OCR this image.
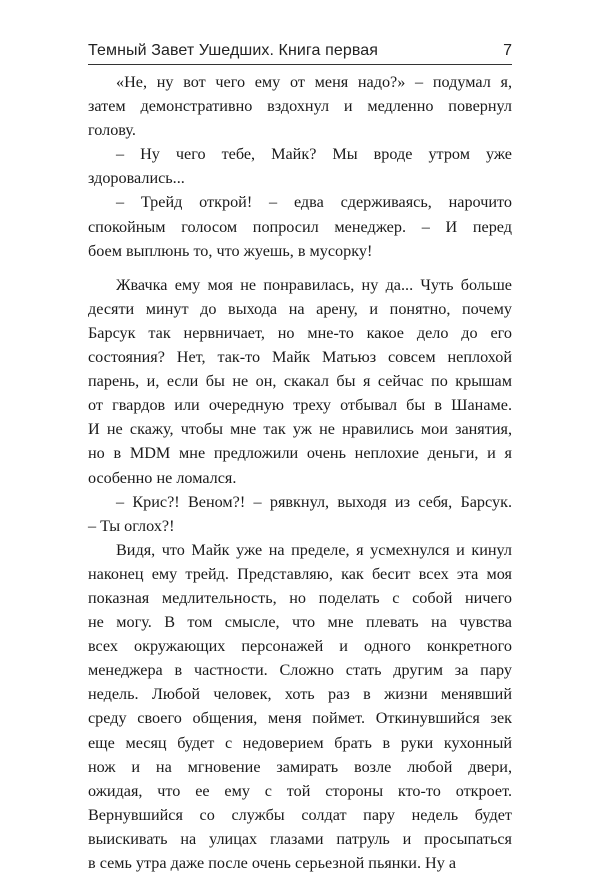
Темный Завет Ушедших. Книга первая	7

«Не, ну вот чего ему от меня надо?» – подумал я,

затем демонстративно вздохнул и медленно повернул

голову.

– Ну чего тебе, Майк? Мы вроде утром уже

здоровались...

– Трейд открой! – едва сдерживаясь, нарочито

спокойным голосом попросил менеджер. – И перед

боем выплюнь то, что жуешь, в мусорку!

Жвачка ему моя не понравилась, ну да... Чуть больше

десяти минут до выхода на арену, и понятно, почему

Барсук так нервничает, но мне-то какое дело до его

состояния? Нет, так-то Майк Матьюз совсем неплохой

парень, и, если бы не он, скакал бы я сейчас по крышам

от гвардов или очередную треху отбывал бы в Шанаме.

И не скажу, чтобы мне так уж не нравились мои занятия,

но в MDM мне предложили очень неплохие деньги, и я

особенно не ломался.

– Крис?! Веном?! – рявкнул, выходя из себя, Барсук.

– Ты оглох?!

Видя, что Майк уже на пределе, я усмехнулся и кинул

наконец ему трейд. Представляю, как бесит всех эта моя

показная медлительность, но поделать с собой ничего

не могу. В том смысле, что мне плевать на чувства

всех окружающих персонажей и одного конкретного

менеджера в частности. Сложно стать другим за пару

недель. Любой человек, хоть раз в жизни менявший

среду своего общения, меня поймет. Откинувшийся зек

еще месяц будет с недоверием брать в руки кухонный

нож и на мгновение замирать возле любой двери,

ожидая, что ее ему с той стороны кто-то откроет.

Вернувшийся со службы солдат пару недель будет

выискивать на улицах глазами патруль и просыпаться

в семь утра даже после очень серьезной пьянки. Ну а
